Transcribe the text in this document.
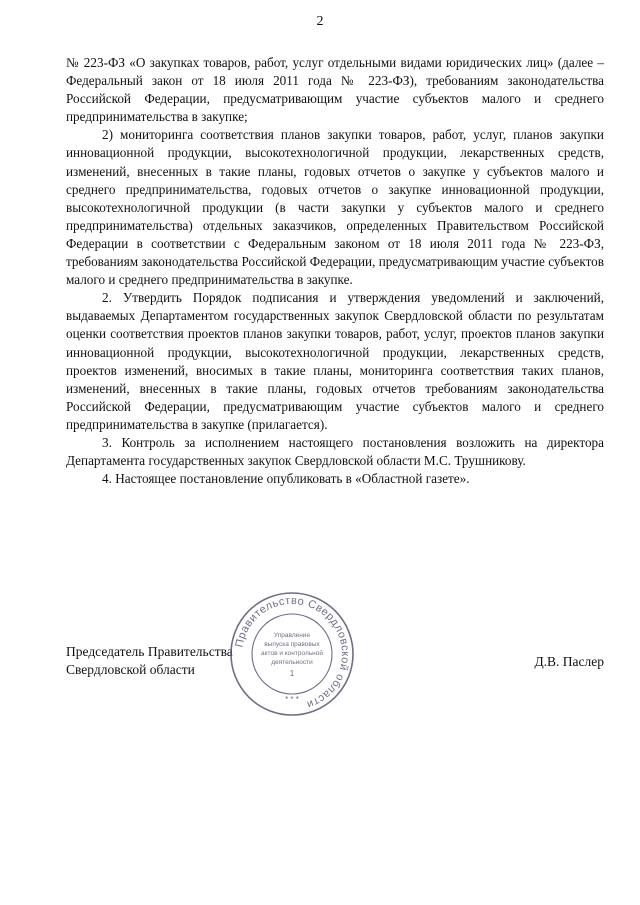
2

№ 223-ФЗ «О закупках товаров, работ, услуг отдельными видами юридических лиц» (далее – Федеральный закон от 18 июля 2011 года № 223-ФЗ), требованиям законодательства Российской Федерации, предусматривающим участие субъектов малого и среднего предпринимательства в закупке;

2) мониторинга соответствия планов закупки товаров, работ, услуг, планов закупки инновационной продукции, высокотехнологичной продукции, лекарственных средств, изменений, внесенных в такие планы, годовых отчетов о закупке у субъектов малого и среднего предпринимательства, годовых отчетов о закупке инновационной продукции, высокотехнологичной продукции (в части закупки у субъектов малого и среднего предпринимательства) отдельных заказчиков, определенных Правительством Российской Федерации в соответствии с Федеральным законом от 18 июля 2011 года № 223-ФЗ, требованиям законодательства Российской Федерации, предусматривающим участие субъектов малого и среднего предпринимательства в закупке.

2. Утвердить Порядок подписания и утверждения уведомлений и заключений, выдаваемых Департаментом государственных закупок Свердловской области по результатам оценки соответствия проектов планов закупки товаров, работ, услуг, проектов планов закупки инновационной продукции, высокотехнологичной продукции, лекарственных средств, проектов изменений, вносимых в такие планы, мониторинга соответствия таких планов, изменений, внесенных в такие планы, годовых отчетов требованиям законодательства Российской Федерации, предусматривающим участие субъектов малого и среднего предпринимательства в закупке (прилагается).

3. Контроль за исполнением настоящего постановления возложить на директора Департамента государственных закупок Свердловской области М.С. Трушникову.

4. Настоящее постановление опубликовать в «Областной газете».

Председатель Правительства
Свердловской области
Д.В. Паслер
Правительство Свердловской области
Управление
выпуска правовых
актов и контрольной
деятельности
1
* * *
